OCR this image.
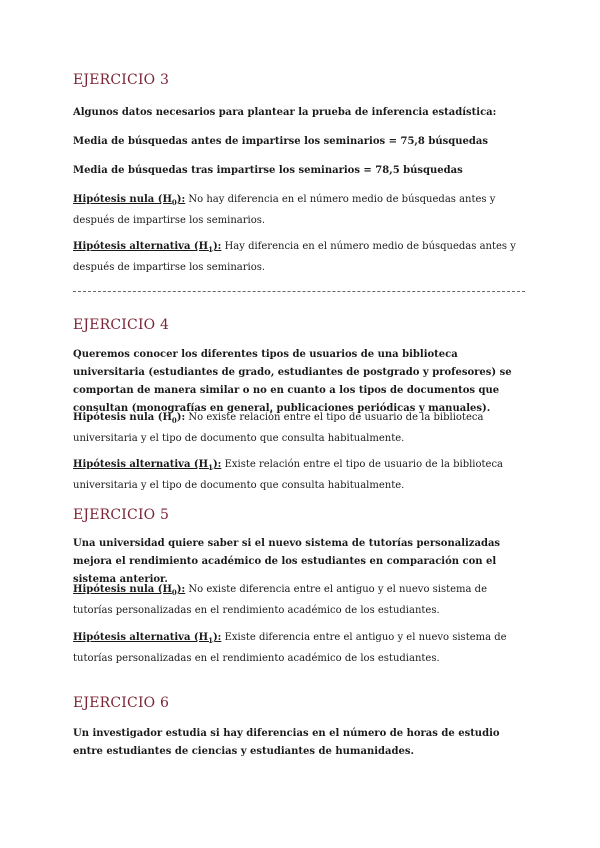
EJERCICIO 3

Algunos datos necesarios para plantear la prueba de inferencia estadística:

Media de búsquedas antes de impartirse los seminarios = 75,8 búsquedas

Media de búsquedas tras impartirse los seminarios = 78,5 búsquedas

Hipótesis nula $(H_0)$: No hay diferencia en el número medio de búsquedas antes y después de impartirse los seminarios.

Hipótesis alternativa $(H_1)$: Hay diferencia en el número medio de búsquedas antes y después de impartirse los seminarios.

EJERCICIO 4

Queremos conocer los diferentes tipos de usuarios de una biblioteca universitaria (estudiantes de grado, estudiantes de postgrado y profesores) se comportan de manera similar o no en cuanto a los tipos de documentos que consultan (monografías en general, publicaciones periódicas y manuales).

Hipótesis nula $(H_0)$: No existe relación entre el tipo de usuario de la biblioteca universitaria y el tipo de documento que consulta habitualmente.

Hipótesis alternativa $(H_1)$: Existe relación entre el tipo de usuario de la biblioteca universitaria y el tipo de documento que consulta habitualmente.

EJERCICIO 5

Una universidad quiere saber si el nuevo sistema de tutorías personalizadas mejora el rendimiento académico de los estudiantes en comparación con el sistema anterior.

Hipótesis nula $(H_0)$: No existe diferencia entre el antiguo y el nuevo sistema de tutorías personalizadas en el rendimiento académico de los estudiantes.

Hipótesis alternativa $(H_1)$: Existe diferencia entre el antiguo y el nuevo sistema de tutorías personalizadas en el rendimiento académico de los estudiantes.

EJERCICIO 6

Un investigador estudia si hay diferencias en el número de horas de estudio entre estudiantes de ciencias y estudiantes de humanidades.
